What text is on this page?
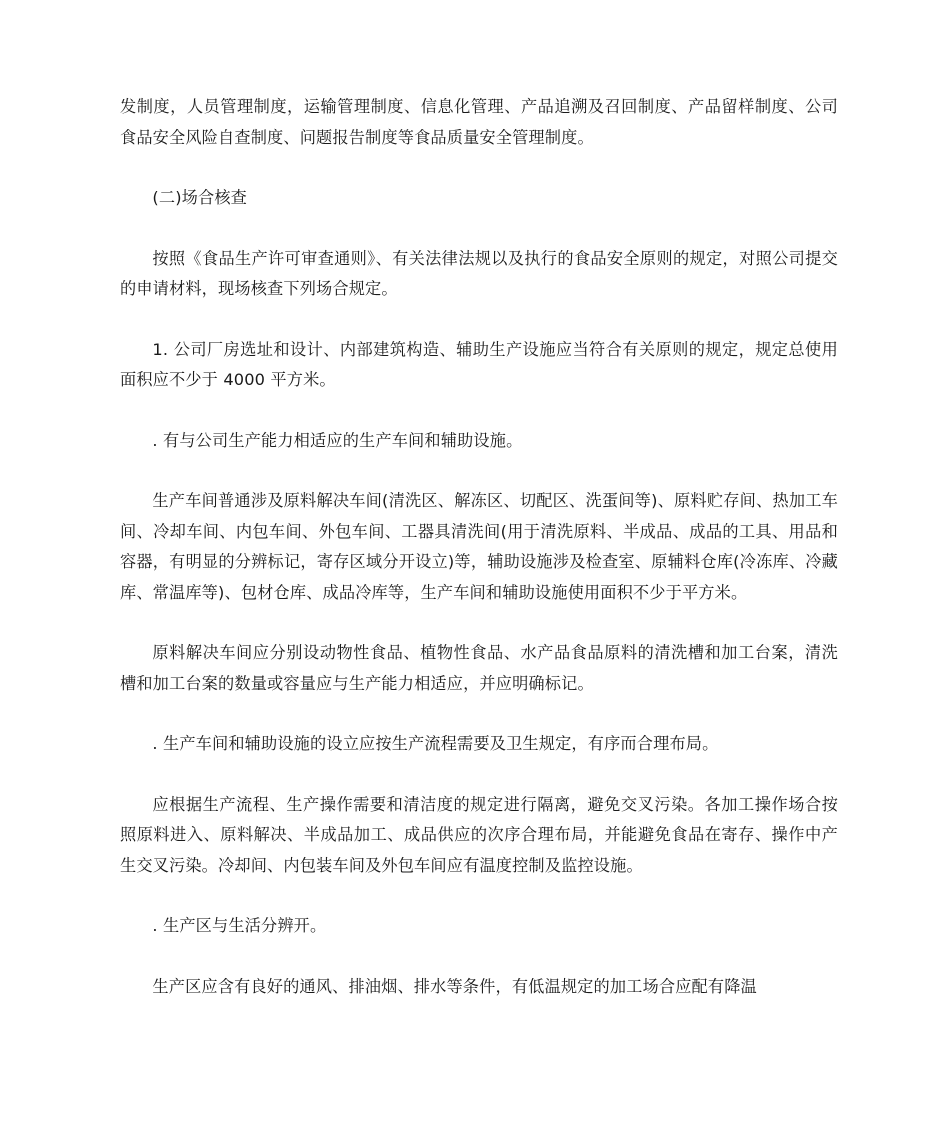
发制度，人员管理制度，运输管理制度、信息化管理、产品追溯及召回制度、产品留样制度、公司食品安全风险自查制度、问题报告制度等食品质量安全管理制度。

(二)场合核查

按照《食品生产许可审查通则》、有关法律法规以及执行的食品安全原则的规定，对照公司提交的申请材料，现场核查下列场合规定。

1. 公司厂房选址和设计、内部建筑构造、辅助生产设施应当符合有关原则的规定，规定总使用面积应不少于 4000 平方米。

. 有与公司生产能力相适应的生产车间和辅助设施。

生产车间普通涉及原料解决车间(清洗区、解冻区、切配区、洗蛋间等)、原料贮存间、热加工车间、冷却车间、内包车间、外包车间、工器具清洗间(用于清洗原料、半成品、成品的工具、用品和容器，有明显的分辨标记，寄存区域分开设立)等，辅助设施涉及检查室、原辅料仓库(冷冻库、冷藏库、常温库等)、包材仓库、成品冷库等，生产车间和辅助设施使用面积不少于平方米。

原料解决车间应分别设动物性食品、植物性食品、水产品食品原料的清洗槽和加工台案，清洗槽和加工台案的数量或容量应与生产能力相适应，并应明确标记。

. 生产车间和辅助设施的设立应按生产流程需要及卫生规定，有序而合理布局。

应根据生产流程、生产操作需要和清洁度的规定进行隔离，避免交叉污染。各加工操作场合按照原料进入、原料解决、半成品加工、成品供应的次序合理布局，并能避免食品在寄存、操作中产生交叉污染。冷却间、内包装车间及外包车间应有温度控制及监控设施。

. 生产区与生活分辨开。

生产区应含有良好的通风、排油烟、排水等条件，有低温规定的加工场合应配有降温
